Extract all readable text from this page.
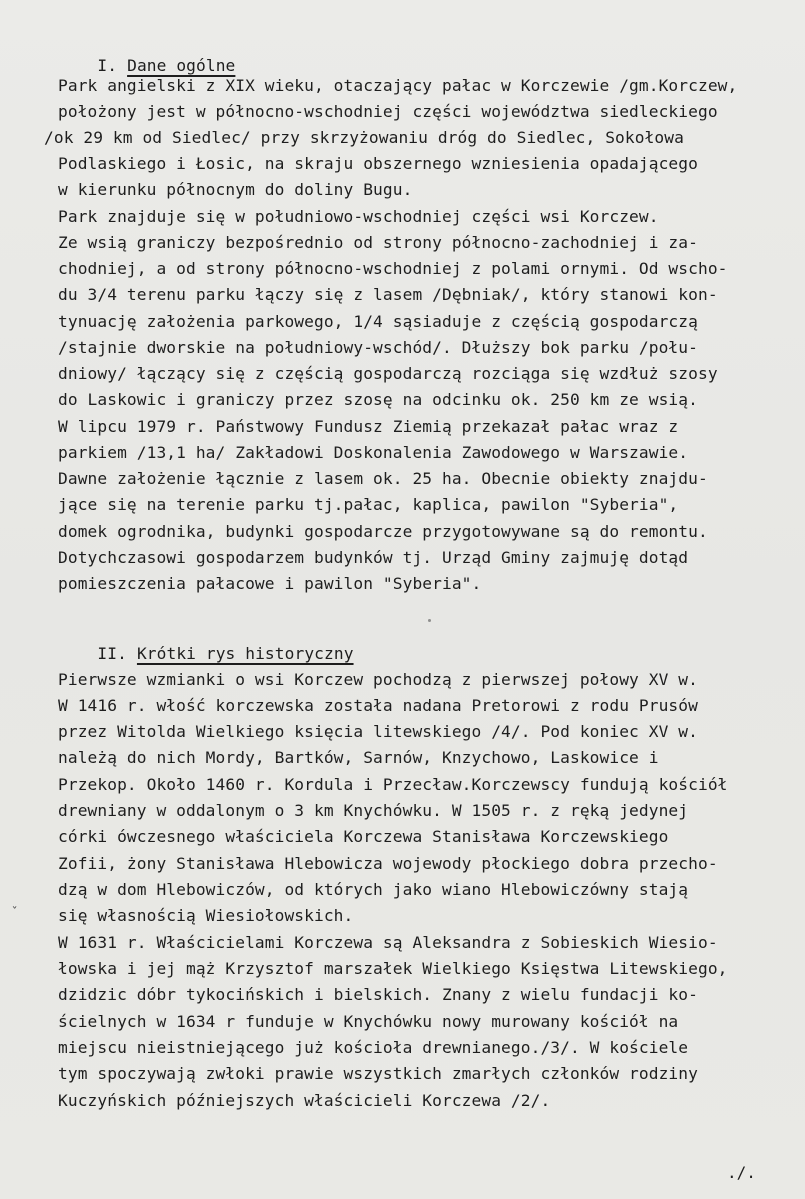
I. Dane ogólne

Park angielski z XIX wieku, otaczający pałac w Korczewie /gm.Korczew,
położony jest w północno-wschodniej części województwa siedleckiego
/ok 29 km od Siedlec/ przy skrzyżowaniu dróg do Siedlec, Sokołowa
Podlaskiego i Łosic, na skraju obszernego wzniesienia opadającego
w kierunku północnym do doliny Bugu.
Park znajduje się w południowo-wschodniej części wsi Korczew.
Ze wsią graniczy bezpośrednio od strony północno-zachodniej i za-
chodniej, a od strony północno-wschodniej z polami ornymi. Od wscho-
du 3/4 terenu parku łączy się z lasem /Dębniak/, który stanowi kon-
tynuację założenia parkowego, 1/4 sąsiaduje z częścią gospodarczą
/stajnie dworskie na południowy-wschód/. Dłuższy bok parku /połu-
dniowy/ łączący się z częścią gospodarczą rozciąga się wzdłuż szosy
do Laskowic i graniczy przez szosę na odcinku ok. 250 km ze wsią.
W lipcu 1979 r. Państwowy Fundusz Ziemią przekazał pałac wraz z
parkiem /13,1 ha/ Zakładowi Doskonalenia Zawodowego w Warszawie.
Dawne założenie łącznie z lasem ok. 25 ha. Obecnie obiekty znajdu-
jące się na terenie parku tj.pałac, kaplica, pawilon "Syberia",
domek ogrodnika, budynki gospodarcze przygotowywane są do remontu.
Dotychczasowi gospodarzem budynków tj. Urząd Gminy zajmuję dotąd
pomieszczenia pałacowe i pawilon "Syberia".

II. Krótki rys historyczny

Pierwsze wzmianki o wsi Korczew pochodzą z pierwszej połowy XV w.
W 1416 r. włość korczewska została nadana Pretorowi z rodu Prusów
przez Witolda Wielkiego księcia litewskiego /4/. Pod koniec XV w.
należą do nich Mordy, Bartków, Sarnów, Knzychowo, Laskowice i
Przekop. Około 1460 r. Kordula i Przecław.Korczewscy fundują kościół
drewniany w oddalonym o 3 km Knychówku. W 1505 r. z ręką jedynej
córki ówczesnego właściciela Korczewa Stanisława Korczewskiego
Zofii, żony Stanisława Hlebowicza wojewody płockiego dobra przecho-
dzą w dom Hlebowiczów, od których jako wiano Hlebowiczówny stają
się własnością Wiesiołowskich.
W 1631 r. Właścicielami Korczewa są Aleksandra z Sobieskich Wiesio-
łowska i jej mąż Krzysztof marszałek Wielkiego Księstwa Litewskiego,
dzidzic dóbr tykocińskich i bielskich. Znany z wielu fundacji ko-
ścielnych w 1634 r funduje w Knychówku nowy murowany kościół na
miejscu nieistniejącego już kościoła drewnianego./3/. W kościele
tym spoczywają zwłoki prawie wszystkich zmarłych członków rodziny
Kuczyńskich późniejszych właścicieli Korczewa /2/.
ˇ
./.
